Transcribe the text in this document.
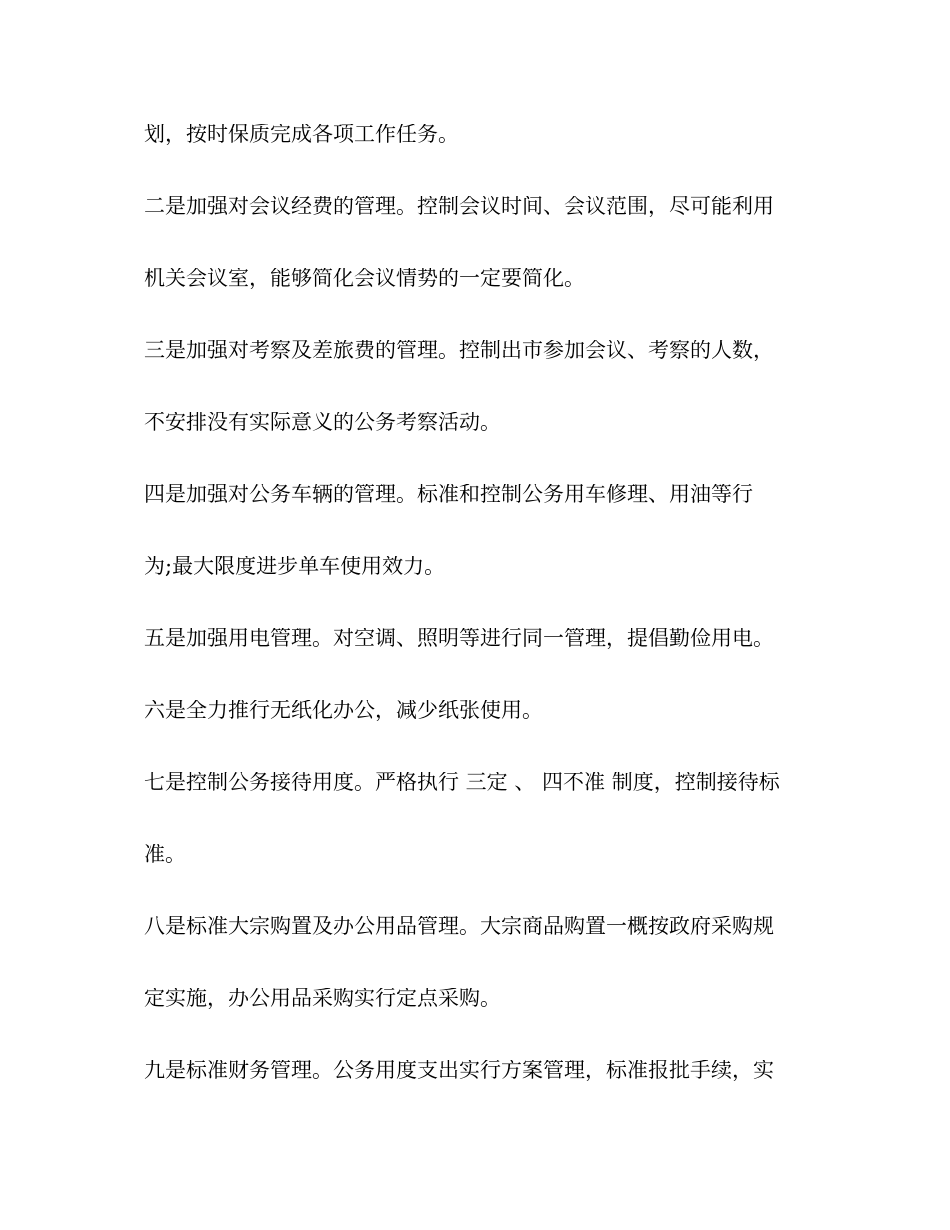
划，按时保质完成各项工作任务。
二是加强对会议经费的管理。控制会议时间、会议范围，尽可能利用
机关会议室，能够简化会议情势的一定要简化。
三是加强对考察及差旅费的管理。控制出市参加会议、考察的人数，
不安排没有实际意义的公务考察活动。
四是加强对公务车辆的管理。标准和控制公务用车修理、用油等行
为;最大限度进步单车使用效力。
五是加强用电管理。对空调、照明等进行同一管理，提倡勤俭用电。
六是全力推行无纸化办公，减少纸张使用。
七是控制公务接待用度。严格执行 三定 、 四不准 制度，控制接待标
准。
八是标准大宗购置及办公用品管理。大宗商品购置一概按政府采购规
定实施，办公用品采购实行定点采购。
九是标准财务管理。公务用度支出实行方案管理，标准报批手续，实
